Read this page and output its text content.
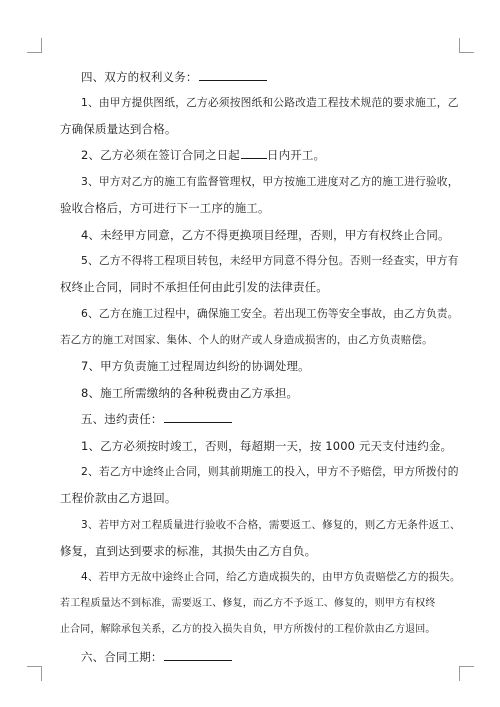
四、双方的权利义务：
1、由甲方提供图纸，乙方必须按图纸和公路改造工程技术规范的要求施工，乙
方确保质量达到合格。
2、乙方必须在签订合同之日起 日内开工。
3、甲方对乙方的施工有监督管理权，甲方按施工进度对乙方的施工进行验收，
验收合格后，方可进行下一工序的施工。
4、未经甲方同意，乙方不得更换项目经理，否则，甲方有权终止合同。
5、乙方不得将工程项目转包，未经甲方同意不得分包。否则一经查实，甲方有
权终止合同，同时不承担任何由此引发的法律责任。
6、乙方在施工过程中，确保施工安全。若出现工伤等安全事故，由乙方负责。
若乙方的施工对国家、集体、个人的财产或人身造成损害的，由乙方负责赔偿。
7、甲方负责施工过程周边纠纷的协调处理。
8、施工所需缴纳的各种税费由乙方承担。
五、违约责任：
1、乙方必须按时竣工，否则，每超期一天，按 1000 元天支付违约金。
2、若乙方中途终止合同，则其前期施工的投入，甲方不予赔偿，甲方所拨付的
工程价款由乙方退回。
3、若甲方对工程质量进行验收不合格，需要返工、修复的，则乙方无条件返工、
修复，直到达到要求的标准，其损失由乙方自负。
4、若甲方无故中途终止合同，给乙方造成损失的，由甲方负责赔偿乙方的损失。
若工程质量达不到标准，需要返工、修复，而乙方不予返工、修复的，则甲方有权终
止合同，解除承包关系，乙方的投入损失自负，甲方所拨付的工程价款由乙方退回。
六、合同工期：
